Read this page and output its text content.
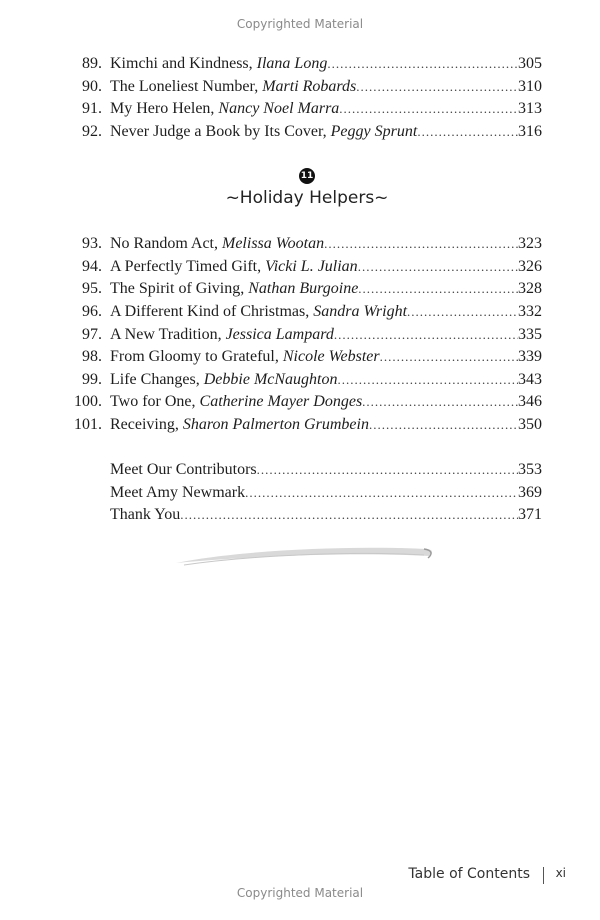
Copyrighted Material
89. Kimchi and Kindness, Ilana Long .....	305
90. The Loneliest Number, Marti Robards .....	310
91. My Hero Helen, Nancy Noel Marra .....	313
92. Never Judge a Book by Its Cover, Peggy Sprunt .....	316
11
~Holiday Helpers~
93. No Random Act, Melissa Wootan .....	323
94. A Perfectly Timed Gift, Vicki L. Julian .....	326
95. The Spirit of Giving, Nathan Burgoine .....	328
96. A Different Kind of Christmas, Sandra Wright .....	332
97. A New Tradition, Jessica Lampard .....	335
98. From Gloomy to Grateful, Nicole Webster .....	339
99. Life Changes, Debbie McNaughton .....	343
100. Two for One, Catherine Mayer Donges .....	346
101. Receiving, Sharon Palmerton Grumbein .....	350
Meet Our Contributors .....	353
Meet Amy Newmark .....	369
Thank You .....	371
Table of Contents xi
Copyrighted Material
